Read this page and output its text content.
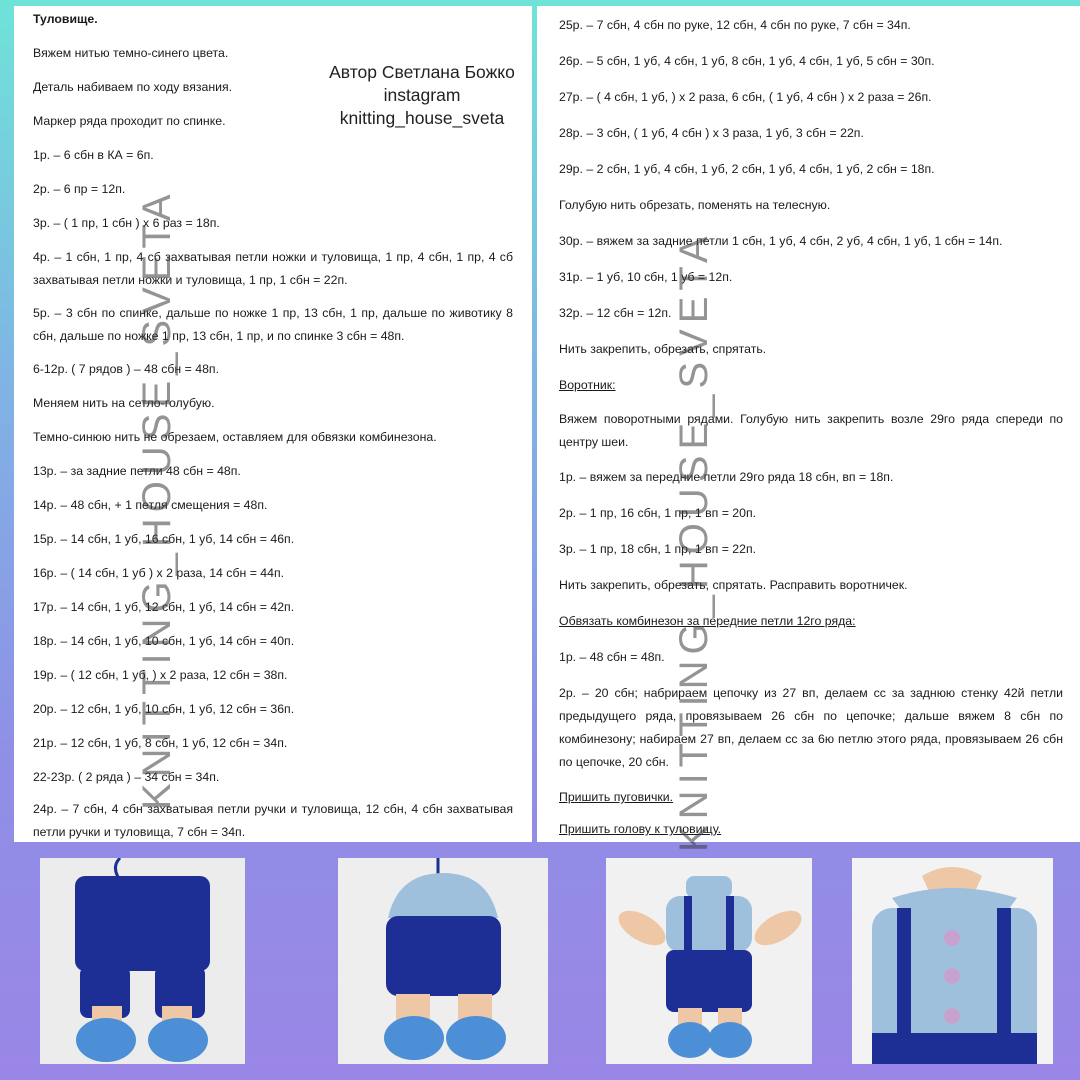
Туловище.
Вяжем нитью темно-синего цвета.
Деталь набиваем по ходу вязания.
Маркер ряда проходит по спинке.
1р. – 6 сбн в КА = 6п.
2р. – 6 пр = 12п.
3р. – ( 1 пр, 1 сбн ) х 6 раз = 18п.
4р. – 1 сбн, 1 пр, 4 сб захватывая петли ножки и туловища, 1 пр, 4 сбн, 1 пр, 4 сб захватывая петли ножки и туловища, 1 пр, 1 сбн = 22п.
5р. – 3 сбн по спинке, дальше по ножке 1 пр, 13 сбн, 1 пр, дальше по животику 8 сбн, дальше по ножке 1 пр, 13 сбн, 1 пр, и по спинке 3 сбн = 48п.
6-12р. ( 7 рядов ) – 48 сбн = 48п.
Меняем нить на сетло-голубую.
Темно-синюю нить не обрезаем, оставляем для обвязки комбинезона.
13р. – за задние петли 48 сбн = 48п.
14р. – 48 сбн, + 1 петля смещения = 48п.
15р. – 14 сбн, 1 уб, 16 сбн, 1 уб, 14 сбн = 46п.
16р. – ( 14 сбн, 1 уб ) х 2 раза, 14 сбн = 44п.
17р. – 14 сбн, 1 уб, 12 сбн, 1 уб, 14 сбн = 42п.
18р. – 14 сбн, 1 уб, 10 сбн, 1 уб, 14 сбн = 40п.
19р. – ( 12 сбн, 1 уб, ) х 2 раза, 12 сбн = 38п.
20р. – 12 сбн, 1 уб, 10 сбн, 1 уб, 12 сбн = 36п.
21р. – 12 сбн, 1 уб, 8 сбн, 1 уб, 12 сбн = 34п.
22-23р. ( 2 ряда ) – 34 сбн = 34п.
24р. – 7 сбн, 4 сбн захватывая петли ручки и туловища, 12 сбн, 4 сбн захватывая петли ручки и туловища, 7 сбн = 34п.
Автор Светлана Божко
instagram
knitting_house_sveta
25р. – 7 сбн, 4 сбн по руке, 12 сбн, 4 сбн по руке, 7 сбн = 34п.
26р. – 5 сбн, 1 уб, 4 сбн, 1 уб, 8 сбн, 1 уб, 4 сбн, 1 уб, 5 сбн = 30п.
27р. – ( 4 сбн, 1 уб, ) х 2 раза, 6 сбн, ( 1 уб, 4 сбн ) х 2 раза = 26п.
28р. – 3 сбн, ( 1 уб, 4 сбн ) х 3 раза, 1 уб, 3 сбн = 22п.
29р. – 2 сбн, 1 уб, 4 сбн, 1 уб, 2 сбн, 1 уб, 4 сбн, 1 уб, 2 сбн = 18п.
Голубую нить обрезать, поменять на телесную.
30р. – вяжем за задние петли 1 сбн, 1 уб, 4 сбн, 2 уб, 4 сбн, 1 уб, 1 сбн = 14п.
31р. – 1 уб, 10 сбн, 1 уб = 12п.
32р. – 12 сбн = 12п.
Нить закрепить, обрезать, спрятать.
Воротник:
Вяжем поворотными рядами. Голубую нить закрепить возле 29го ряда спереди по центру шеи.
1р. – вяжем за передние петли 29го ряда 18 сбн, вп = 18п.
2р. – 1 пр, 16 сбн, 1 пр, 1 вп = 20п.
3р. – 1 пр, 18 сбн, 1 пр, 1 вп = 22п.
Нить закрепить, обрезать, спрятать. Расправить воротничек.
Обвязать комбинезон за передние петли 12го ряда:
1р. – 48 сбн = 48п.
2р. – 20 сбн; набрираем цепочку из 27 вп, делаем сс за заднюю стенку 42й петли предыдущего ряда, провязываем 26 сбн по цепочке; дальше вяжем 8 сбн по комбинезону; набираем 27 вп, делаем сс за 6ю петлю этого ряда, провязываем 26 сбн по цепочке, 20 сбн.
Пришить пуговички.
Пришить голову к туловищу.
KNITTING_HOUSE_SVETA	KNITTING_HOUSE_SVETA
